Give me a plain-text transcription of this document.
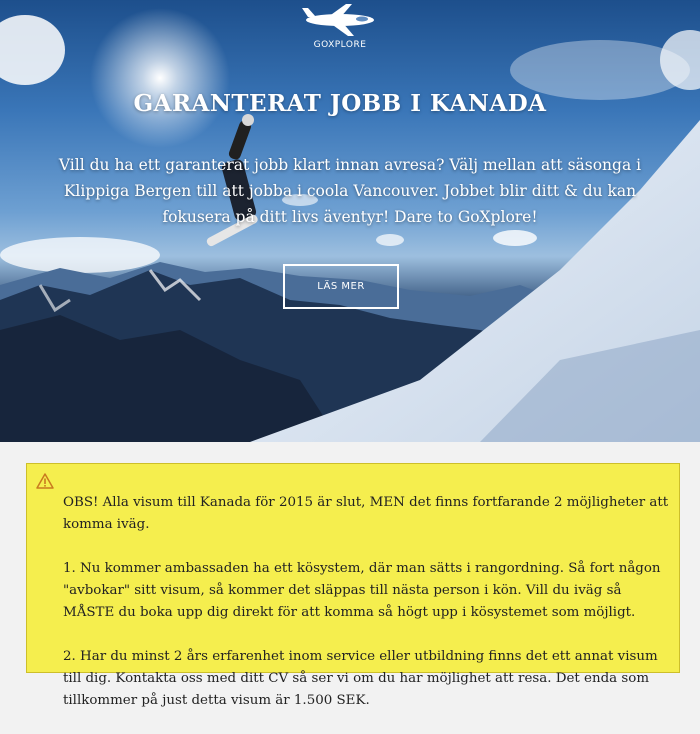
GOXPLORE
GARANTERAT JOBB I KANADA

Vill du ha ett garanterat jobb klart innan avresa? Välj mellan att säsonga i Klippiga Bergen till att jobba i coola Vancouver. Jobbet blir ditt & du kan fokusera på ditt livs äventyr! Dare to GoXplore!

LÄS MER

OBS! Alla visum till Kanada för 2015 är slut, MEN det finns fortfarande 2 möjligheter att komma iväg.

1. Nu kommer ambassaden ha ett kösystem, där man sätts i rangordning. Så fort någon "avbokar" sitt visum, så kommer det släppas till nästa person i kön. Vill du iväg så MÅSTE du boka upp dig direkt för att komma så högt upp i kösystemet som möjligt.

2. Har du minst 2 års erfarenhet inom service eller utbildning finns det ett annat visum till dig. Kontakta oss med ditt CV så ser vi om du har möjlighet att resa. Det enda som tillkommer på just detta visum är 1.500 SEK.
